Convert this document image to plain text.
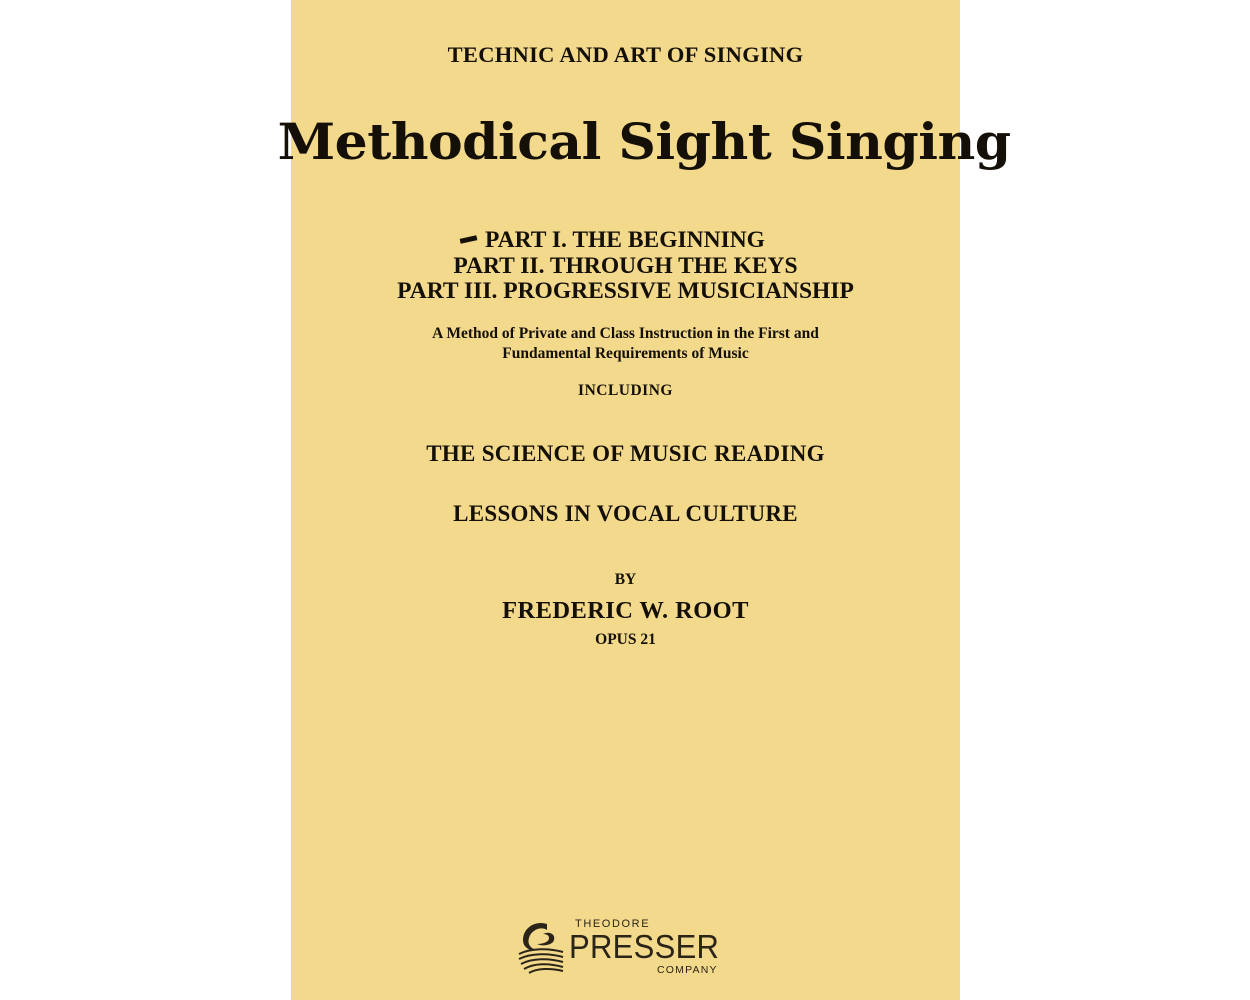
TECHNIC AND ART OF SINGING
Methodical Sight Singing
PART I. THE BEGINNING
PART II. THROUGH THE KEYS
PART III. PROGRESSIVE MUSICIANSHIP
A Method of Private and Class Instruction in the First and
Fundamental Requirements of Music
INCLUDING
THE SCIENCE OF MUSIC READING
LESSONS IN VOCAL CULTURE
BY
FREDERIC W. ROOT
OPUS 21
THEODORE
PRESSER
COMPANY
